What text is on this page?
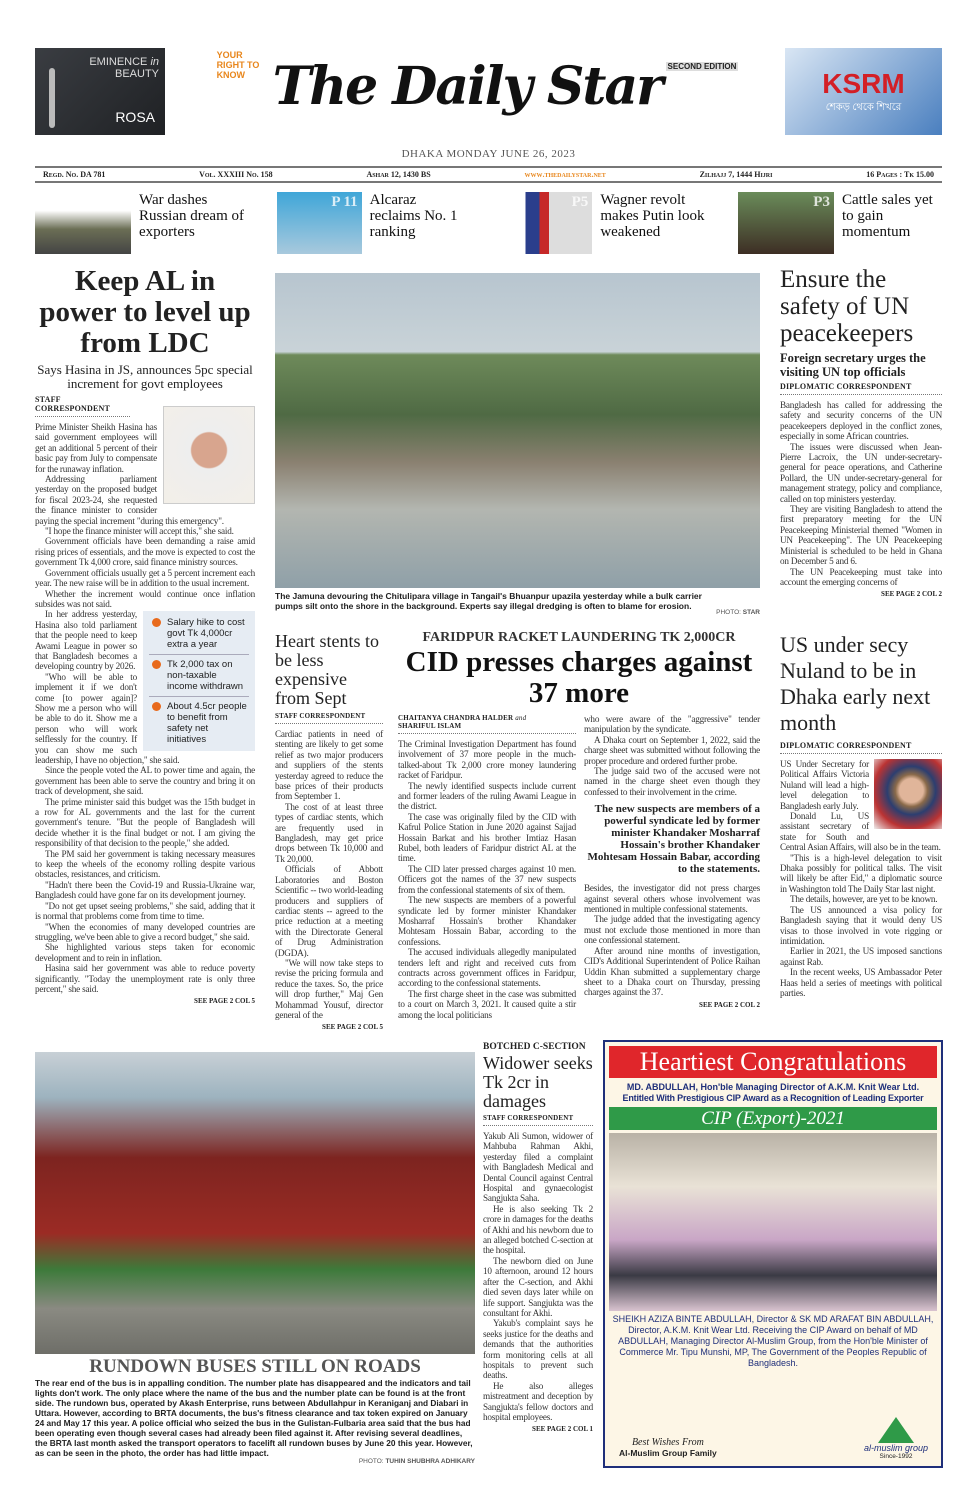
EMINENCE in
BEAUTY
ROSA
YOUR RIGHT TO KNOW The Daily Star SECOND EDITION
KSRM
শেকড় থেকে শিখরে
DHAKA MONDAY JUNE 26, 2023
Regd. No. DA 781	Vol. XXXIII No. 158	Ashar 12, 1430 BS	www.thedailystar.net	Zilhajj 7, 1444 Hijri	16 Pages : Tk 15.00
B1 War dashes Russian dream of exporters
P 11 Alcaraz reclaims No. 1 ranking
P5 Wagner revolt makes Putin look weakened
P3 Cattle sales yet to gain momentum
Keep AL in power to level up from LDC
Says Hasina in JS, announces 5pc special increment for govt employees
STAFF CORRESPONDENT

Prime Minister Sheikh Hasina has said government employees will get an additional 5 percent of their basic pay from July to compensate for the runaway inflation.

Addressing parliament yesterday on the proposed budget for fiscal 2023-24, she requested the finance minister to consider paying the special increment "during this emergency".

"I hope the finance minister will accept this," she said.

Government officials have been demanding a raise amid rising prices of essentials, and the move is expected to cost the government Tk 4,000 crore, said finance ministry sources.

Government officials usually get a 5 percent increment each year. The new raise will be in addition to the usual increment.

Whether the increment would continue once inflation subsides was not said.

Salary hike to cost govt Tk 4,000cr extra a year
Tk 2,000 tax on non-taxable income withdrawn
About 4.5cr people to benefit from safety net initiatives

In her address yesterday, Hasina also told parliament that the people need to keep Awami League in power so that Bangladesh becomes a developing country by 2026.

"Who will be able to implement it if we don't come [to power again]? Show me a person who will be able to do it. Show me a person who will work selflessly for the country. If you can show me such leadership, I have no objection," she said.

Since the people voted the AL to power time and again, the government has been able to serve the country and bring it on track of development, she said.

The prime minister said this budget was the 15th budget in a row for AL governments and the last for the current government's tenure. "But the people of Bangladesh will decide whether it is the final budget or not. I am giving the responsibility of that decision to the people," she added.

The PM said her government is taking necessary measures to keep the wheels of the economy rolling despite various obstacles, resistances, and criticism.

"Hadn't there been the Covid-19 and Russia-Ukraine war, Bangladesh could have gone far on its development journey.

"Do not get upset seeing problems," she said, adding that it is normal that problems come from time to time.

"When the economies of many developed countries are struggling, we've been able to give a record budget," she said.

She highlighted various steps taken for economic development and to rein in inflation.

Hasina said her government was able to reduce poverty significantly. "Today the unemployment rate is only three percent," she said.

SEE PAGE 2 COL 5
The Jamuna devouring the Chitulipara village in Tangail's Bhuanpur upazila yesterday while a bulk carrier pumps silt onto the shore in the background. Experts say illegal dredging is often to blame for erosion.
PHOTO: STAR
Ensure the safety of UN peacekeepers
Foreign secretary urges the visiting UN top officials
DIPLOMATIC CORRESPONDENT

Bangladesh has called for addressing the safety and security concerns of the UN peacekeepers deployed in the conflict zones, especially in some African countries.

The issues were discussed when Jean-Pierre Lacroix, the UN under-secretary-general for peace operations, and Catherine Pollard, the UN under-secretary-general for management strategy, policy and compliance, called on top ministers yesterday.

They are visiting Bangladesh to attend the first preparatory meeting for the UN Peacekeeping Ministerial themed "Women in UN Peacekeeping". The UN Peacekeeping Ministerial is scheduled to be held in Ghana on December 5 and 6.

The UN Peacekeeping must take into account the emerging concerns of

SEE PAGE 2 COL 2
Heart stents to be less expensive from Sept
STAFF CORRESPONDENT

Cardiac patients in need of stenting are likely to get some relief as two major producers and suppliers of the stents yesterday agreed to reduce the base prices of their products from September 1.

The cost of at least three types of cardiac stents, which are frequently used in Bangladesh, may get price drops between Tk 10,000 and Tk 20,000.

Officials of Abbott Laboratories and Boston Scientific -- two world-leading producers and suppliers of cardiac stents -- agreed to the price reduction at a meeting with the Directorate General of Drug Administration (DGDA).

"We will now take steps to revise the pricing formula and reduce the taxes. So, the price will drop further," Maj Gen Mohammad Yousuf, director general of the

SEE PAGE 2 COL 5
FARIDPUR RACKET LAUNDERING TK 2,000CR
CID presses charges against 37 more
CHAITANYA CHANDRA HALDER and
SHARIFUL ISLAM

The Criminal Investigation Department has found involvement of 37 more people in the much-talked-about Tk 2,000 crore money laundering racket of Faridpur.

The newly identified suspects include current and former leaders of the ruling Awami League in the district.

The case was originally filed by the CID with Kafrul Police Station in June 2020 against Sajjad Hossain Barkat and his brother Imtiaz Hasan Rubel, both leaders of Faridpur district AL at the time.

The CID later pressed charges against 10 men. Officers got the names of the 37 new suspects from the confessional statements of six of them.

The new suspects are members of a powerful syndicate led by former minister Khandaker Mosharraf Hossain's brother Khandaker Mohtesam Hossain Babar, according to the confessions.

The accused individuals allegedly manipulated tenders left and right and received cuts from contracts across government offices in Faridpur, according to the confessional statements.

The first charge sheet in the case was submitted to a court on March 3, 2021. It caused quite a stir among the local politicians

who were aware of the "aggressive" tender manipulation by the syndicate.

A Dhaka court on September 1, 2022, said the charge sheet was submitted without following the proper procedure and ordered further probe.

The judge said two of the accused were not named in the charge sheet even though they confessed to their involvement in the crime.

The new suspects are members of a powerful syndicate led by former minister Khandaker Mosharraf Hossain's brother Khandaker Mohtesam Hossain Babar, according to the statements.

Besides, the investigator did not press charges against several others whose involvement was mentioned in multiple confessional statements.

The judge added that the investigating agency must not exclude those mentioned in more than one confessional statement.

After around nine months of investigation, CID's Additional Superintendent of Police Raihan Uddin Khan submitted a supplementary charge sheet to a Dhaka court on Thursday, pressing charges against the 37.

SEE PAGE 2 COL 2
US under secy Nuland to be in Dhaka early next month
DIPLOMATIC CORRESPONDENT

US Under Secretary for Political Affairs Victoria Nuland will lead a high-level delegation to Bangladesh early July.

Donald Lu, US assistant secretary of state for South and Central Asian Affairs, will also be in the team.

"This is a high-level delegation to visit Dhaka possibly for political talks. The visit will likely be after Eid," a diplomatic source in Washington told The Daily Star last night.

The details, however, are yet to be known.

The US announced a visa policy for Bangladesh saying that it would deny US visas to those involved in vote rigging or intimidation.

Earlier in 2021, the US imposed sanctions against Rab.

In the recent weeks, US Ambassador Peter Haas held a series of meetings with political parties.

RUNDOWN BUSES STILL ON ROADS
The rear end of the bus is in appalling condition. The number plate has disappeared and the indicators and tail lights don't work. The only place where the name of the bus and the number plate can be found is at the front side. The rundown bus, operated by Akash Enterprise, runs between Abdullahpur in Keraniganj and Diabari in Uttara. However, according to BRTA documents, the bus's fitness clearance and tax token expired on January 24 and May 17 this year. A police official who seized the bus in the Gulistan-Fulbaria area said that the bus had been operating even though several cases had already been filed against it. After revising several deadlines, the BRTA last month asked the transport operators to facelift all rundown buses by June 20 this year. However, as can be seen in the photo, the order has had little impact.
PHOTO: TUHIN SHUBHRA ADHIKARY
BOTCHED C-SECTION
Widower seeks Tk 2cr in damages
STAFF CORRESPONDENT

Yakub Ali Sumon, widower of Mahbuba Rahman Akhi, yesterday filed a complaint with Bangladesh Medical and Dental Council against Central Hospital and gynaecologist Sangjukta Saha.

He is also seeking Tk 2 crore in damages for the deaths of Akhi and his newborn due to an alleged botched C-section at the hospital.

The newborn died on June 10 afternoon, around 12 hours after the C-section, and Akhi died seven days later while on life support. Sangjukta was the consultant for Akhi.

Yakub's complaint says he seeks justice for the deaths and demands that the authorities form monitoring cells at all hospitals to prevent such deaths.

He also alleges mistreatment and deception by Sangjukta's fellow doctors and hospital employees.

SEE PAGE 2 COL 1
Heartiest Congratulations
MD. ABDULLAH, Hon'ble Managing Director of A.K.M. Knit Wear Ltd.
Entitled With Prestigious CIP Award as a Recognition of Leading Exporter
CIP (Export)-2021
SHEIKH AZIZA BINTE ABDULLAH, Director & SK MD ARAFAT BIN ABDULLAH, Director, A.K.M. Knit Wear Ltd. Receiving the CIP Award on behalf of MD ABDULLAH, Managing Director Al-Muslim Group, from the Hon'ble Minister of Commerce Mr. Tipu Munshi, MP, The Government of the Peoples Republic of Bangladesh.
Best Wishes From
Al-Muslim Group Family	al-muslim group
Since-1992
